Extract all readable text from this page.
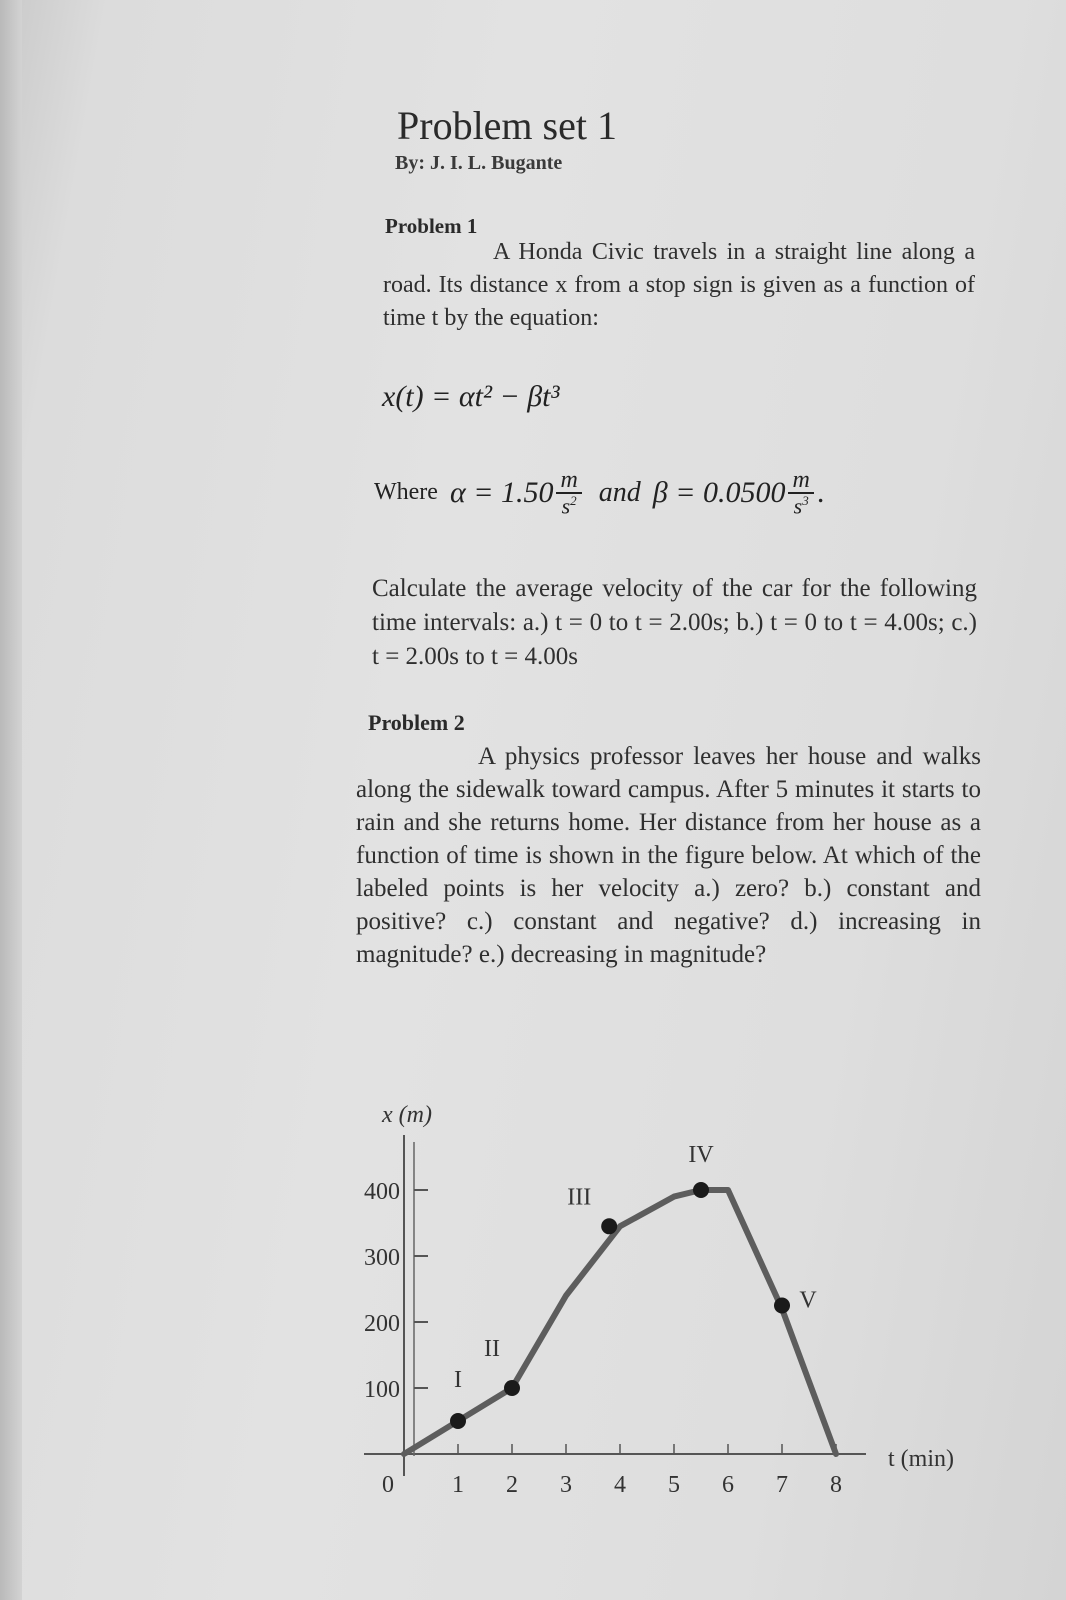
Problem set 1
By: J. I. L. Bugante
Problem 1
A Honda Civic travels in a straight line along a road. Its distance x from a stop sign is given as a function of time t by the equation:
x(t) = αt² − βt³
Where $\alpha = 1.50 \frac{m}{s^2}$ and $\beta = 0.0500 \frac{m}{s^3}$ .
Calculate the average velocity of the car for the following time intervals: a.) t = 0 to t = 2.00s; b.) t = 0 to t = 4.00s; c.) t = 2.00s to t = 4.00s
Problem 2
A physics professor leaves her house and walks along the sidewalk toward campus. After 5 minutes it starts to rain and she returns home. Her distance from her house as a function of time is shown in the figure below. At which of the labeled points is her velocity a.) zero? b.) constant and positive? c.) constant and negative? d.) increasing in magnitude? e.) decreasing in magnitude?
100
200
300
400
0 1 2 3 4 5 6 7 8
x (m)
t (min)
I
II
III
IV
V
